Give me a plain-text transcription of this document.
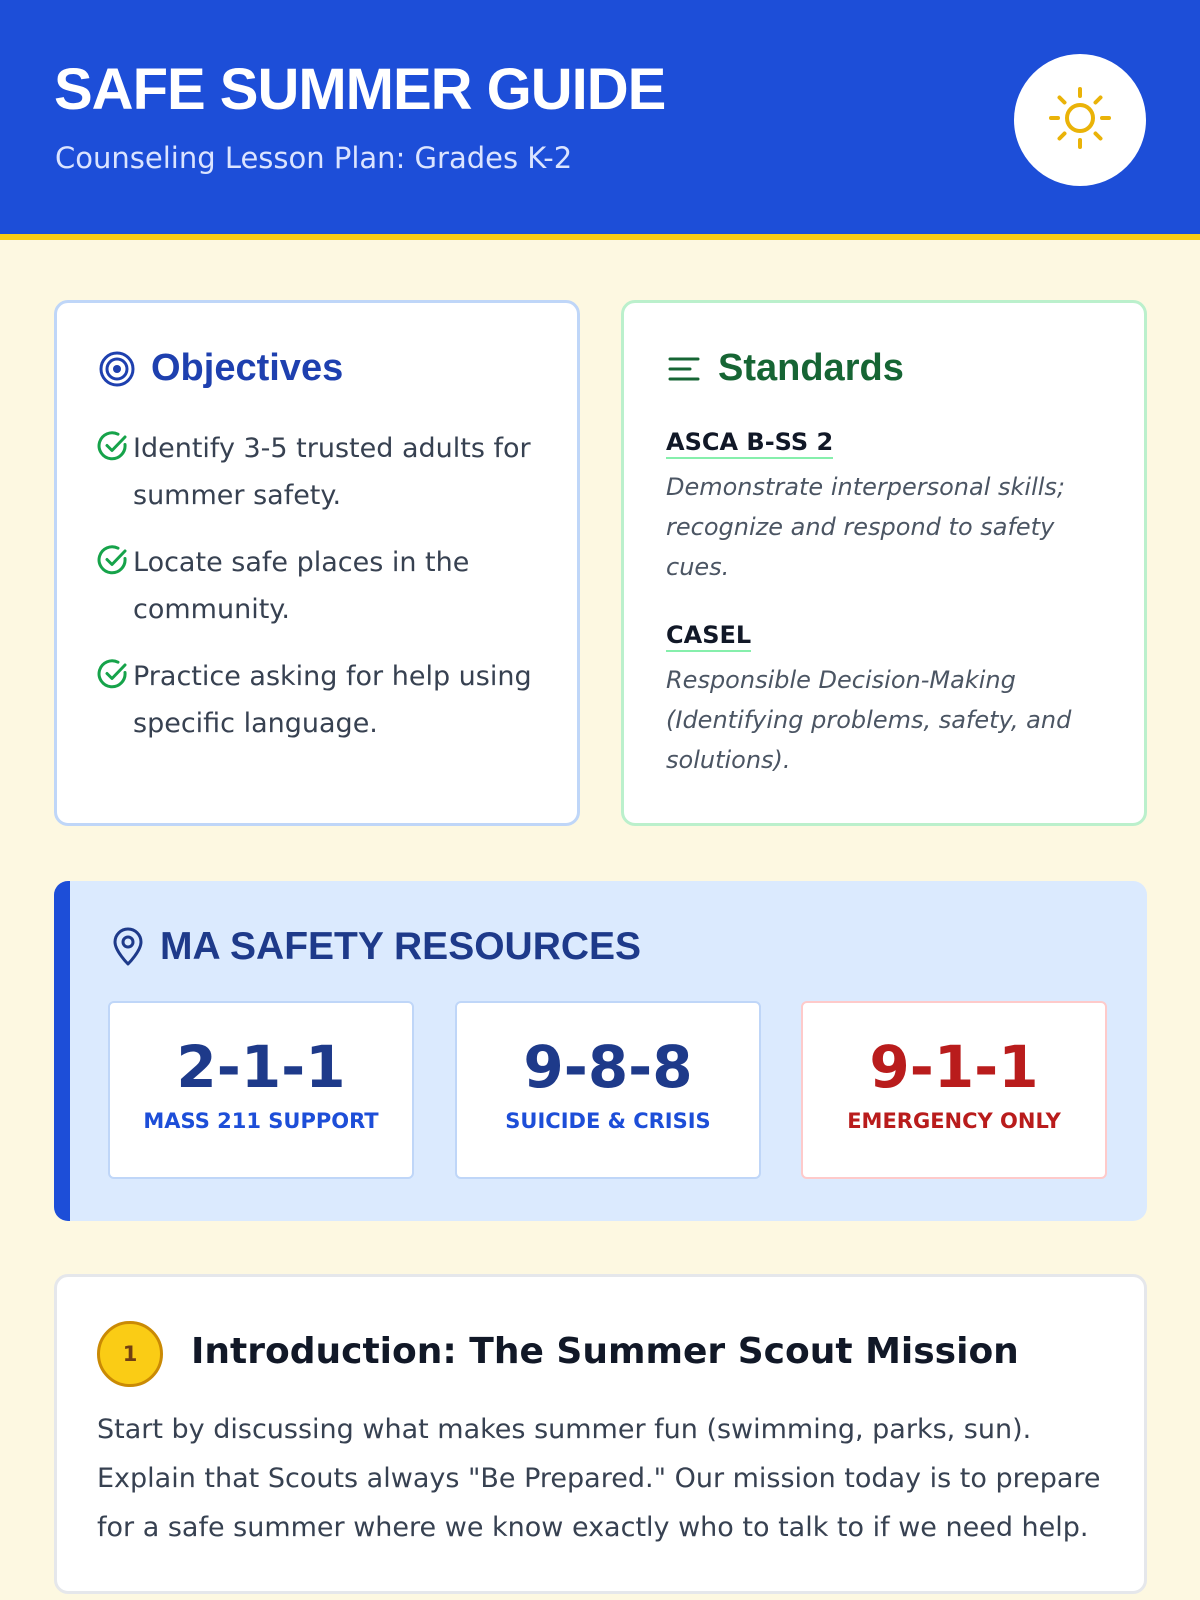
SAFE SUMMER GUIDE
Counseling Lesson Plan: Grades K-2
Objectives
Identify 3-5 trusted adults for summer safety.
Locate safe places in the community.
Practice asking for help using specific language.
Standards
ASCA B-SS 2
Demonstrate interpersonal skills; recognize and respond to safety cues.
CASEL
Responsible Decision-Making (Identifying problems, safety, and solutions).
MA SAFETY RESOURCES
2-1-1
MASS 211 SUPPORT
9-8-8
SUICIDE & CRISIS
9-1-1
EMERGENCY ONLY
1	Introduction: The Summer Scout Mission

Start by discussing what makes summer fun (swimming, parks, sun). Explain that Scouts always "Be Prepared." Our mission today is to prepare for a safe summer where we know exactly who to talk to if we need help.
